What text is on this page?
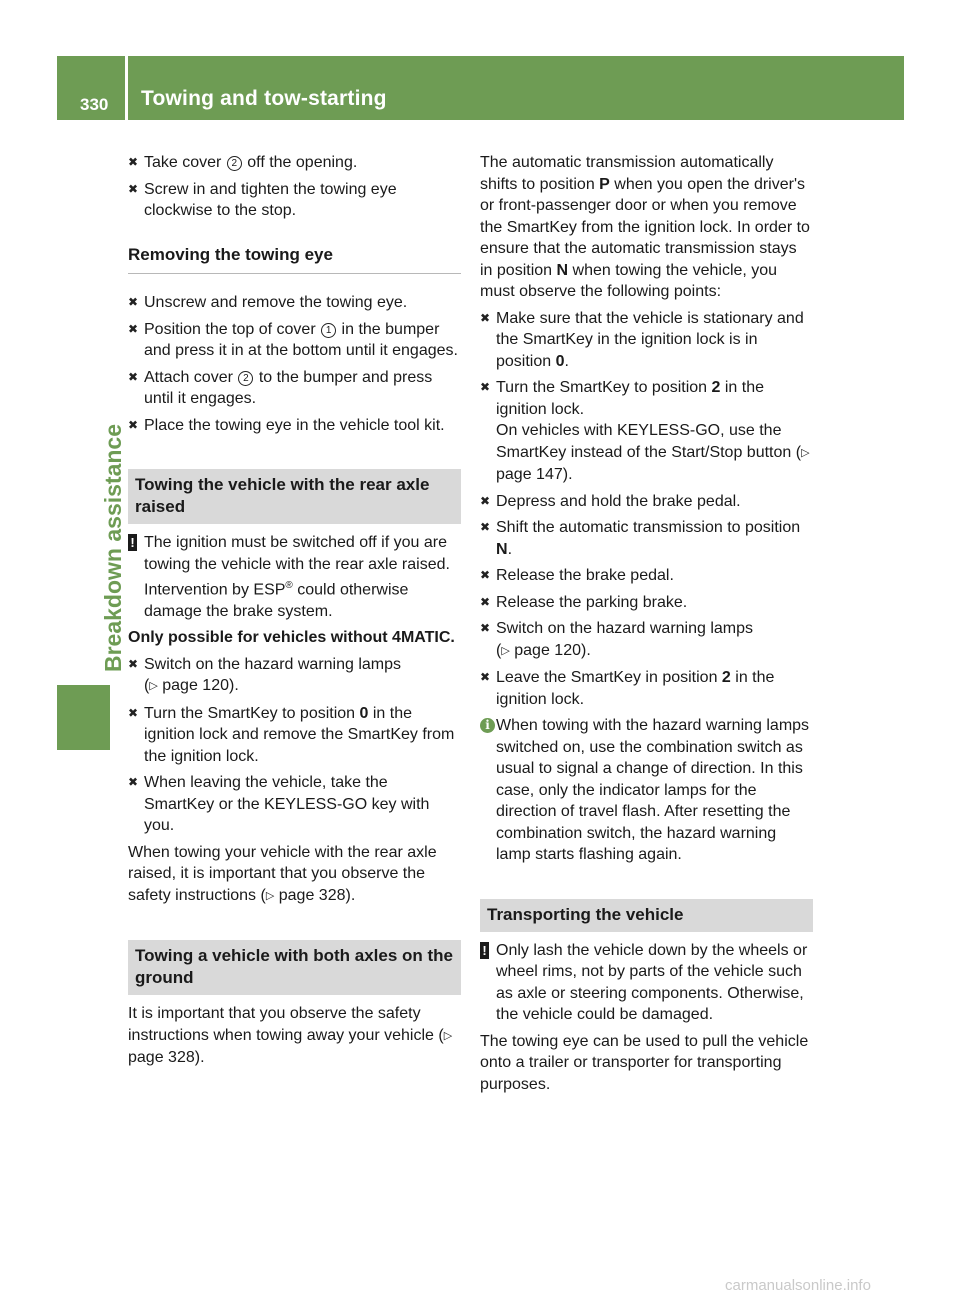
330 Towing and tow-starting
Breakdown assistance
✖ Take cover 2 off the opening.
✖ Screw in and tighten the towing eye clockwise to the stop.
Removing the towing eye
✖ Unscrew and remove the towing eye.
✖ Position the top of cover 1 in the bumper and press it in at the bottom until it engages.
✖ Attach cover 2 to the bumper and press until it engages.
✖ Place the towing eye in the vehicle tool kit.
Towing the vehicle with the rear axle raised
! The ignition must be switched off if you are towing the vehicle with the rear axle raised. Intervention by ESP® could otherwise damage the brake system.

Only possible for vehicles without 4MATIC.

✖ Switch on the hazard warning lamps
(▷ page 120).
✖ Turn the SmartKey to position 0 in the ignition lock and remove the SmartKey from the ignition lock.
✖ When leaving the vehicle, take the SmartKey or the KEYLESS-GO key with you.

When towing your vehicle with the rear axle raised, it is important that you observe the safety instructions (▷ page 328).

Towing a vehicle with both axles on the ground

It is important that you observe the safety instructions when towing away your vehicle (▷ page 328).

The automatic transmission automatically shifts to position P when you open the driver's or front-passenger door or when you remove the SmartKey from the ignition lock. In order to ensure that the automatic transmission stays in position N when towing the vehicle, you must observe the following points:

✖ Make sure that the vehicle is stationary and the SmartKey in the ignition lock is in position 0.
✖ Turn the SmartKey to position 2 in the ignition lock.
On vehicles with KEYLESS-GO, use the SmartKey instead of the Start/Stop button (▷ page 147).
✖ Depress and hold the brake pedal.
✖ Shift the automatic transmission to position N.
✖ Release the brake pedal.
✖ Release the parking brake.
✖ Switch on the hazard warning lamps
(▷ page 120).
✖ Leave the SmartKey in position 2 in the ignition lock.
i When towing with the hazard warning lamps switched on, use the combination switch as usual to signal a change of direction. In this case, only the indicator lamps for the direction of travel flash. After resetting the combination switch, the hazard warning lamp starts flashing again.
Transporting the vehicle
! Only lash the vehicle down by the wheels or wheel rims, not by parts of the vehicle such as axle or steering components. Otherwise, the vehicle could be damaged.

The towing eye can be used to pull the vehicle onto a trailer or transporter for transporting purposes.

carmanualsonline.info
